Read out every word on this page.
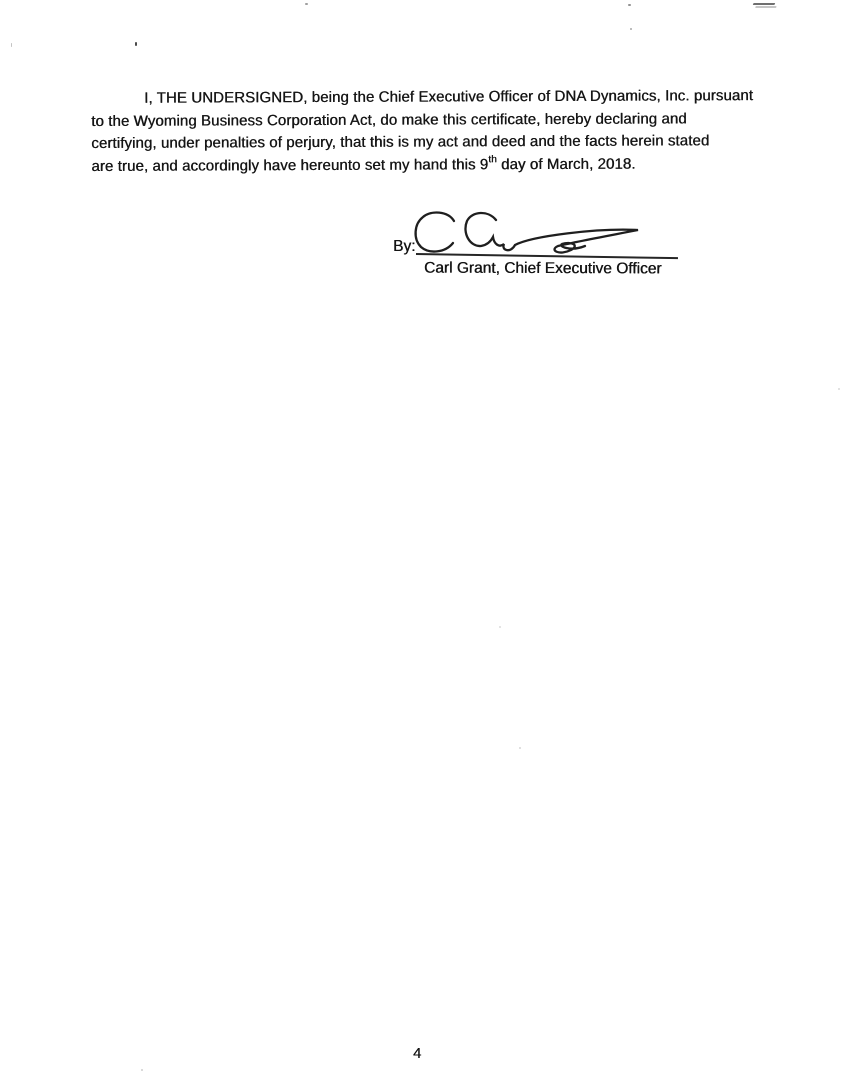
I, THE UNDERSIGNED, being the Chief Executive Officer of DNA Dynamics, Inc. pursuant
to the Wyoming Business Corporation Act, do make this certificate, hereby declaring and
certifying, under penalties of perjury, that this is my act and deed and the facts herein stated
are true, and accordingly have hereunto set my hand this 9th day of March, 2018.
By:
Carl Grant, Chief Executive Officer
4
